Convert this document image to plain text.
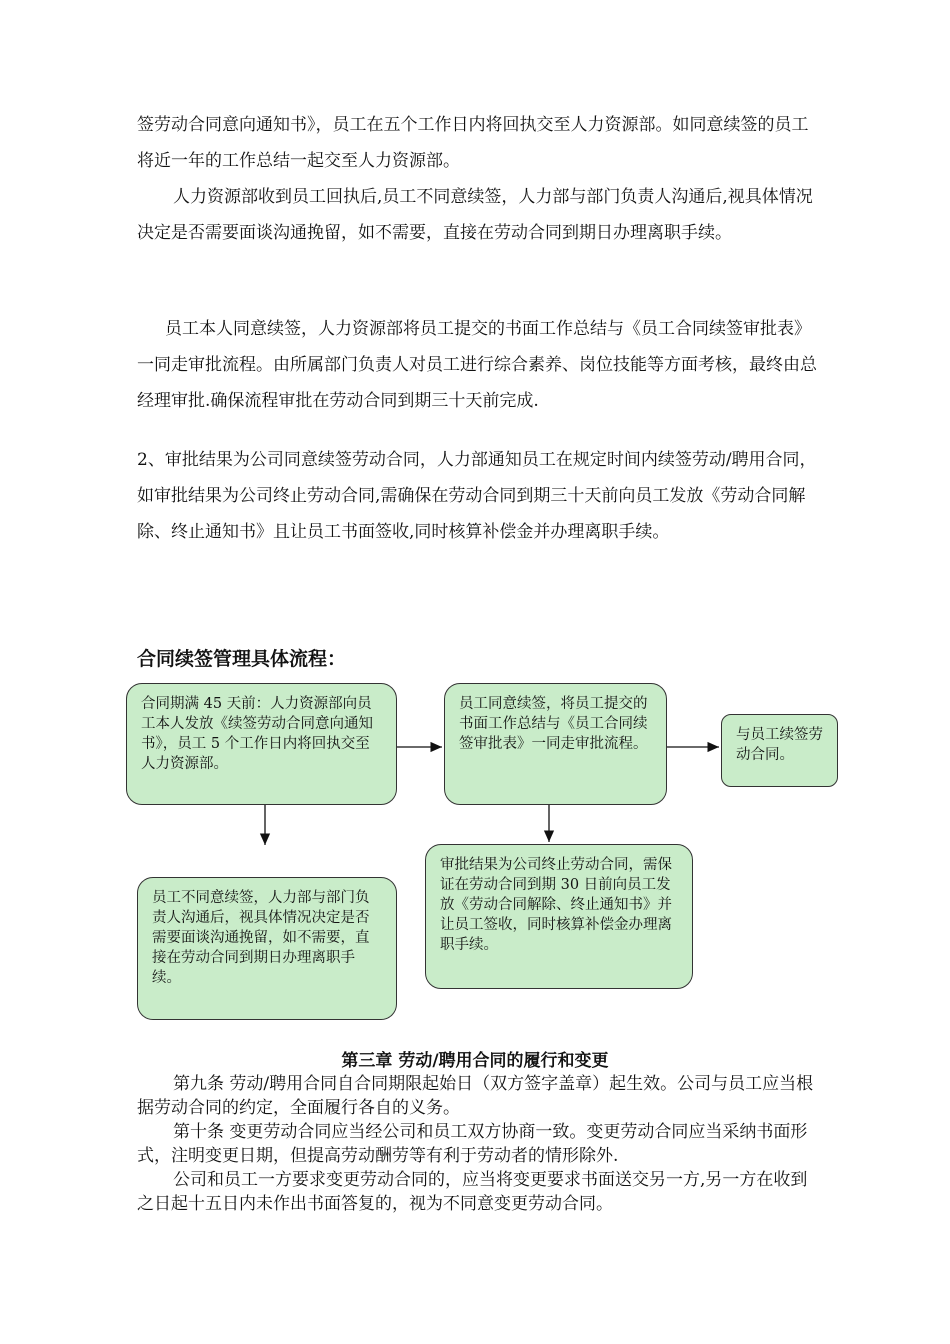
签劳动合同意向通知书》，员工在五个工作日内将回执交至人力资源部。如同意续签的员工将近一年的工作总结一起交至人力资源部。

人力资源部收到员工回执后,员工不同意续签，人力部与部门负责人沟通后,视具体情况决定是否需要面谈沟通挽留，如不需要，直接在劳动合同到期日办理离职手续。

员工本人同意续签，人力资源部将员工提交的书面工作总结与《员工合同续签审批表》一同走审批流程。由所属部门负责人对员工进行综合素养、岗位技能等方面考核，最终由总经理审批.确保流程审批在劳动合同到期三十天前完成.

2、审批结果为公司同意续签劳动合同，人力部通知员工在规定时间内续签劳动/聘用合同，如审批结果为公司终止劳动合同,需确保在劳动合同到期三十天前向员工发放《劳动合同解除、终止通知书》且让员工书面签收,同时核算补偿金并办理离职手续。

合同续签管理具体流程：
合同期满 45 天前：人力资源部向员工本人发放《续签劳动合同意向通知书》，员工 5 个工作日内将回执交至人力资源部。
员工同意续签，将员工提交的书面工作总结与《员工合同续签审批表》一同走审批流程。
与员工续签劳动合同。
员工不同意续签，人力部与部门负责人沟通后，视具体情况决定是否需要面谈沟通挽留，如不需要，直接在劳动合同到期日办理离职手续。
审批结果为公司终止劳动合同，需保证在劳动合同到期 30 日前向员工发放《劳动合同解除、终止通知书》并让员工签收，同时核算补偿金办理离职手续。
第三章 劳动/聘用合同的履行和变更

第九条 劳动/聘用合同自合同期限起始日（双方签字盖章）起生效。公司与员工应当根据劳动合同的约定，全面履行各自的义务。

第十条 变更劳动合同应当经公司和员工双方协商一致。变更劳动合同应当采纳书面形式，注明变更日期，但提高劳动酬劳等有利于劳动者的情形除外.

公司和员工一方要求变更劳动合同的，应当将变更要求书面送交另一方,另一方在收到之日起十五日内未作出书面答复的，视为不同意变更劳动合同。
